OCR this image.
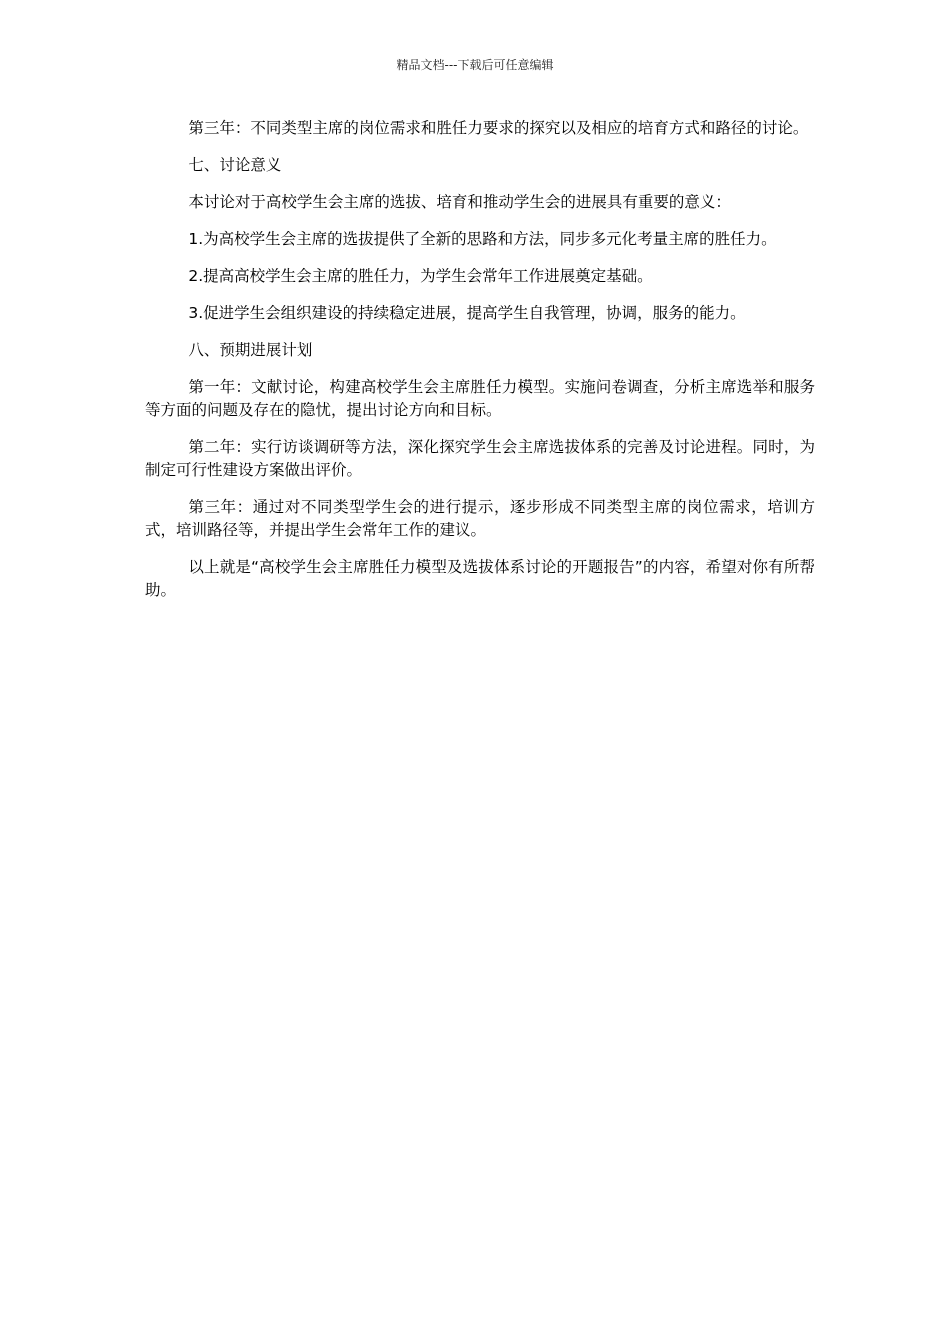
精品文档---下载后可任意编辑

第三年：不同类型主席的岗位需求和胜任力要求的探究以及相应的培育方式和路径的讨论。

七、讨论意义

本讨论对于高校学生会主席的选拔、培育和推动学生会的进展具有重要的意义：

1.为高校学生会主席的选拔提供了全新的思路和方法，同步多元化考量主席的胜任力。

2.提高高校学生会主席的胜任力，为学生会常年工作进展奠定基础。

3.促进学生会组织建设的持续稳定进展，提高学生自我管理，协调，服务的能力。

八、预期进展计划

第一年：文献讨论，构建高校学生会主席胜任力模型。实施问卷调查，分析主席选举和服务等方面的问题及存在的隐忧，提出讨论方向和目标。

第二年：实行访谈调研等方法，深化探究学生会主席选拔体系的完善及讨论进程。同时，为制定可行性建设方案做出评价。

第三年：通过对不同类型学生会的进行提示，逐步形成不同类型主席的岗位需求，培训方式，培训路径等，并提出学生会常年工作的建议。

以上就是“高校学生会主席胜任力模型及选拔体系讨论的开题报告”的内容，希望对你有所帮助。
